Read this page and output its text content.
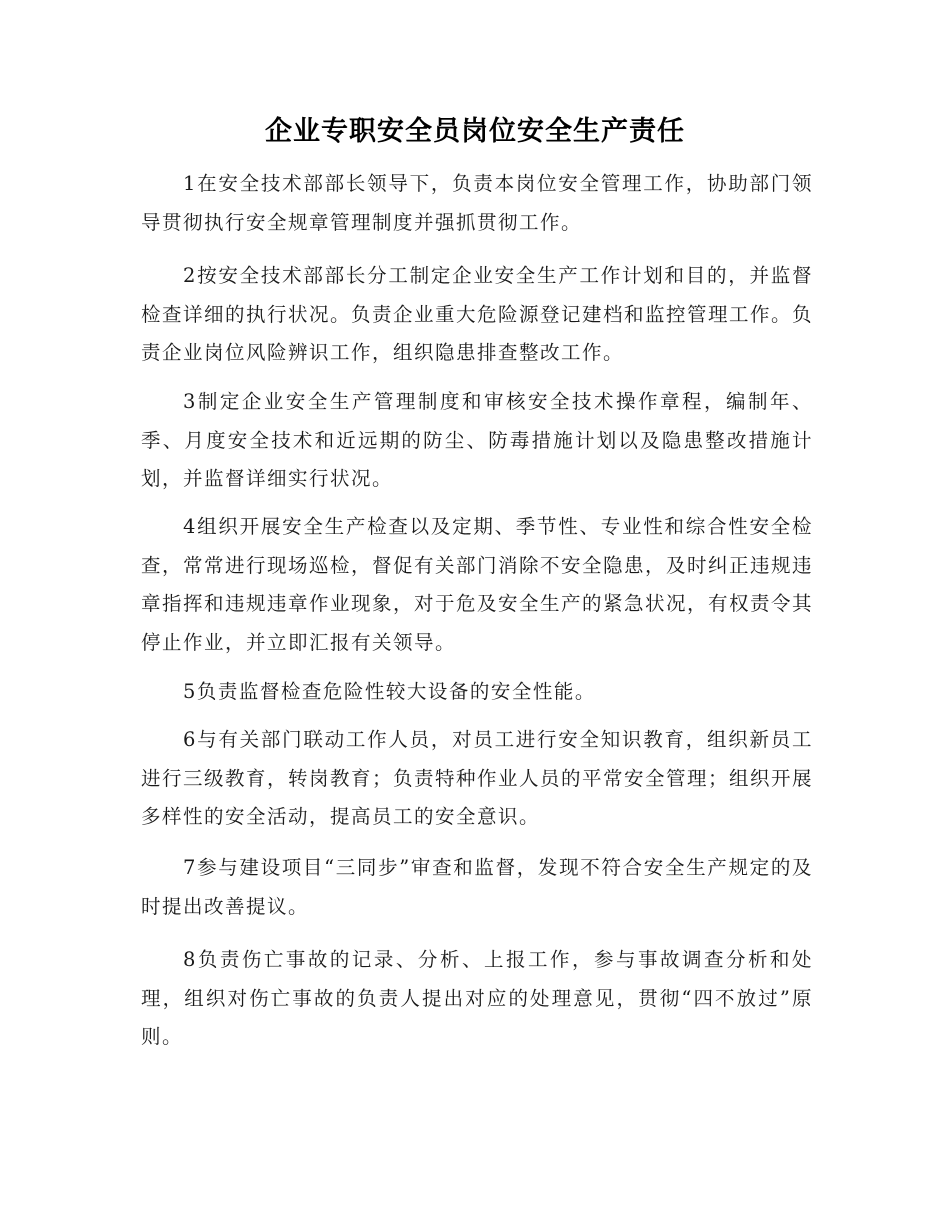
企业专职安全员岗位安全生产责任

1在安全技术部部长领导下，负责本岗位安全管理工作，协助部门领导贯彻执行安全规章管理制度并强抓贯彻工作。

2按安全技术部部长分工制定企业安全生产工作计划和目的，并监督检查详细的执行状况。负责企业重大危险源登记建档和监控管理工作。负责企业岗位风险辨识工作，组织隐患排查整改工作。

3制定企业安全生产管理制度和审核安全技术操作章程，编制年、季、月度安全技术和近远期的防尘、防毒措施计划以及隐患整改措施计划，并监督详细实行状况。

4组织开展安全生产检查以及定期、季节性、专业性和综合性安全检查，常常进行现场巡检，督促有关部门消除不安全隐患，及时纠正违规违章指挥和违规违章作业现象，对于危及安全生产的紧急状况，有权责令其停止作业，并立即汇报有关领导。

5负责监督检查危险性较大设备的安全性能。

6与有关部门联动工作人员，对员工进行安全知识教育，组织新员工进行三级教育，转岗教育；负责特种作业人员的平常安全管理；组织开展多样性的安全活动，提高员工的安全意识。

7参与建设项目“三同步”审查和监督，发现不符合安全生产规定的及时提出改善提议。

8负责伤亡事故的记录、分析、上报工作，参与事故调查分析和处理，组织对伤亡事故的负责人提出对应的处理意见，贯彻“四不放过”原则。
